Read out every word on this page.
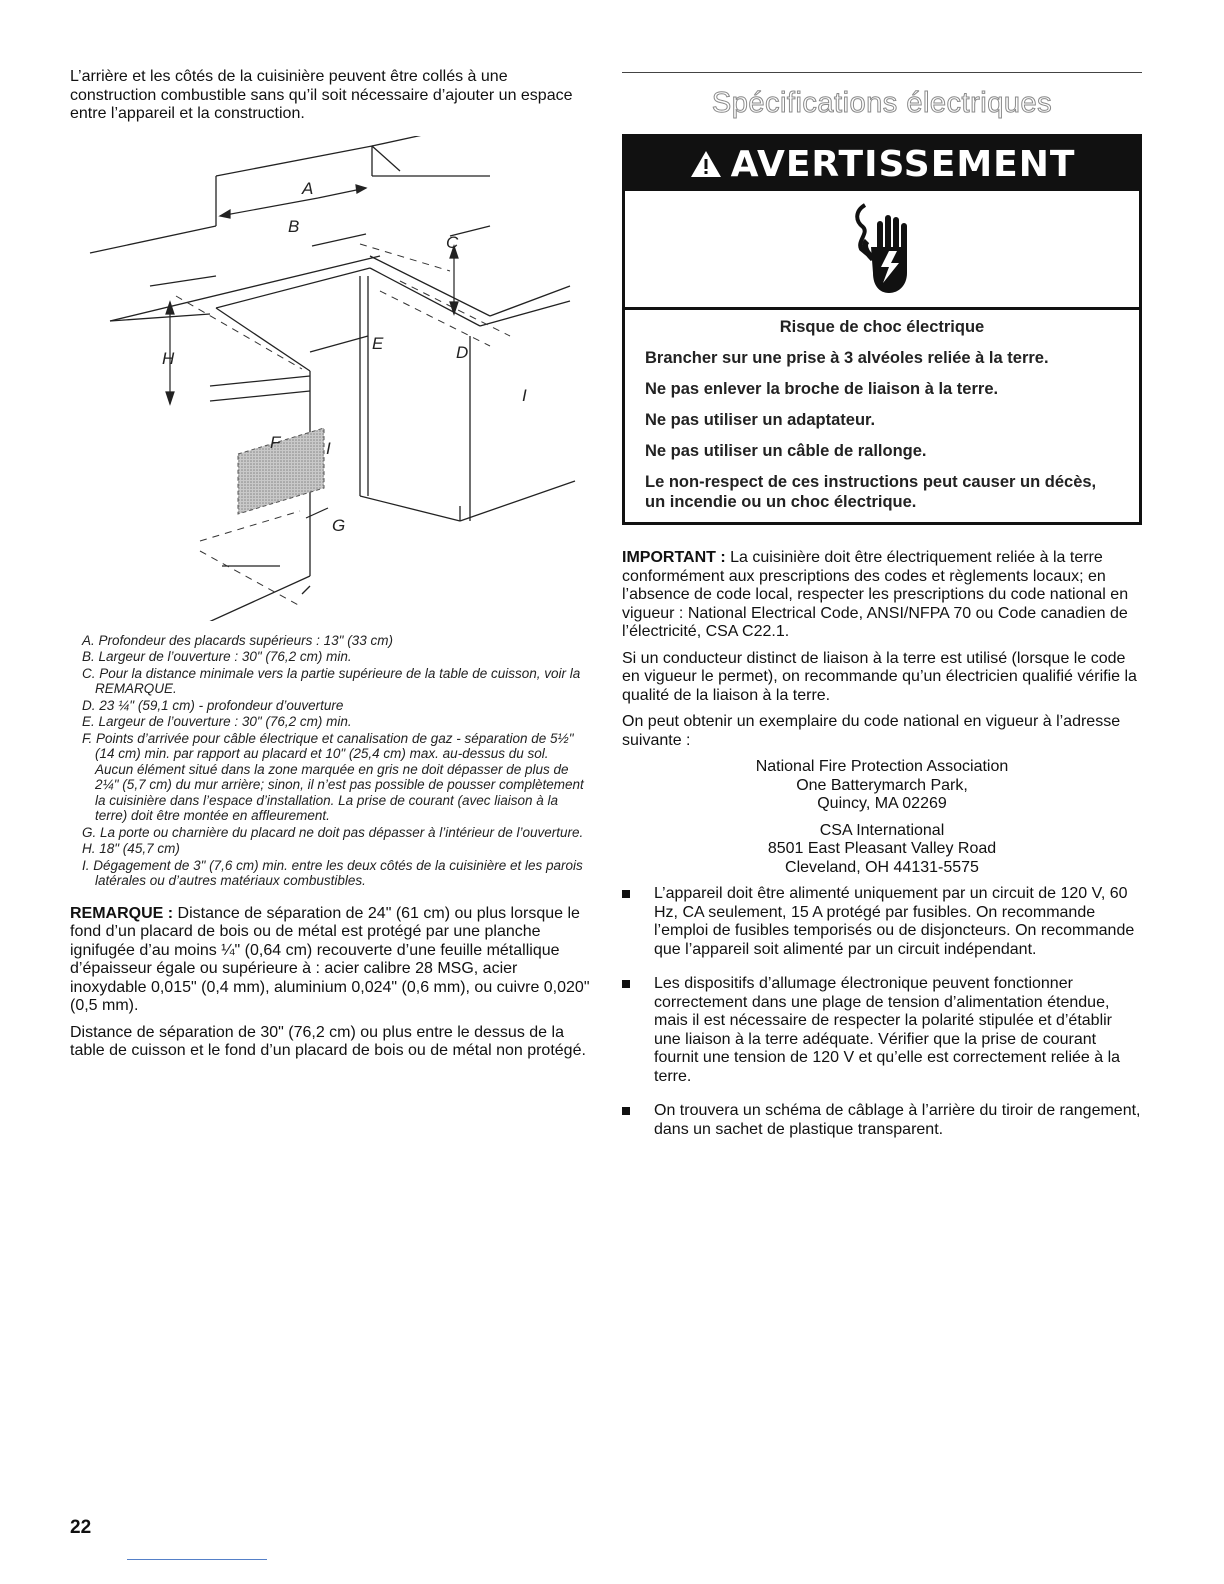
L’arrière et les côtés de la cuisinière peuvent être collés à une construction combustible sans qu’il soit nécessaire d’ajouter un espace entre l’appareil et la construction.

A
B
C
D
E
F
G
H
I
I
A. Profondeur des placards supérieurs : 13" (33 cm)
B. Largeur de l’ouverture : 30" (76,2 cm) min.
C. Pour la distance minimale vers la partie supérieure de la table de cuisson, voir la REMARQUE.
D. 23 ¼" (59,1 cm) - profondeur d’ouverture
E. Largeur de l’ouverture : 30" (76,2 cm) min.
F. Points d’arrivée pour câble électrique et canalisation de gaz - séparation de 5½" (14 cm) min. par rapport au placard et 10" (25,4 cm) max. au-dessus du sol. Aucun élément situé dans la zone marquée en gris ne doit dépasser de plus de 2¼" (5,7 cm) du mur arrière; sinon, il n’est pas possible de pousser complètement la cuisinière dans l’espace d’installation. La prise de courant (avec liaison à la terre) doit être montée en affleurement.
G. La porte ou charnière du placard ne doit pas dépasser à l’intérieur de l’ouverture.
H. 18" (45,7 cm)
I. Dégagement de 3" (7,6 cm) min. entre les deux côtés de la cuisinière et les parois latérales ou d’autres matériaux combustibles.

REMARQUE : Distance de séparation de 24" (61 cm) ou plus lorsque le fond d’un placard de bois ou de métal est protégé par une planche ignifugée d’au moins ¼" (0,64 cm) recouverte d’une feuille métallique d’épaisseur égale ou supérieure à : acier calibre 28 MSG, acier inoxydable 0,015" (0,4 mm), aluminium 0,024" (0,6 mm), ou cuivre 0,020" (0,5 mm).

Distance de séparation de 30" (76,2 cm) ou plus entre le dessus de la table de cuisson et le fond d’un placard de bois ou de métal non protégé.

Spécifications électriques
AVERTISSEMENT

Risque de choc électrique

Brancher sur une prise à 3 alvéoles reliée à la terre.

Ne pas enlever la broche de liaison à la terre.

Ne pas utiliser un adaptateur.

Ne pas utiliser un câble de rallonge.

Le non-respect de ces instructions peut causer un décès, un incendie ou un choc électrique.

IMPORTANT : La cuisinière doit être électriquement reliée à la terre conformément aux prescriptions des codes et règlements locaux; en l’absence de code local, respecter les prescriptions du code national en vigueur : National Electrical Code, ANSI/NFPA 70 ou Code canadien de l’électricité, CSA C22.1.

Si un conducteur distinct de liaison à la terre est utilisé (lorsque le code en vigueur le permet), on recommande qu’un électricien qualifié vérifie la qualité de la liaison à la terre.

On peut obtenir un exemplaire du code national en vigueur à l’adresse suivante :

National Fire Protection Association
One Batterymarch Park,
Quincy, MA 02269
CSA International
8501 East Pleasant Valley Road
Cleveland, OH 44131-5575
L’appareil doit être alimenté uniquement par un circuit de 120 V, 60 Hz, CA seulement, 15 A protégé par fusibles. On recommande l’emploi de fusibles temporisés ou de disjoncteurs. On recommande que l’appareil soit alimenté par un circuit indépendant.
Les dispositifs d’allumage électronique peuvent fonctionner correctement dans une plage de tension d’alimentation étendue, mais il est nécessaire de respecter la polarité stipulée et d’établir une liaison à la terre adéquate. Vérifier que la prise de courant fournit une tension de 120 V et qu’elle est correctement reliée à la terre.
On trouvera un schéma de câblage à l’arrière du tiroir de rangement, dans un sachet de plastique transparent.
22
